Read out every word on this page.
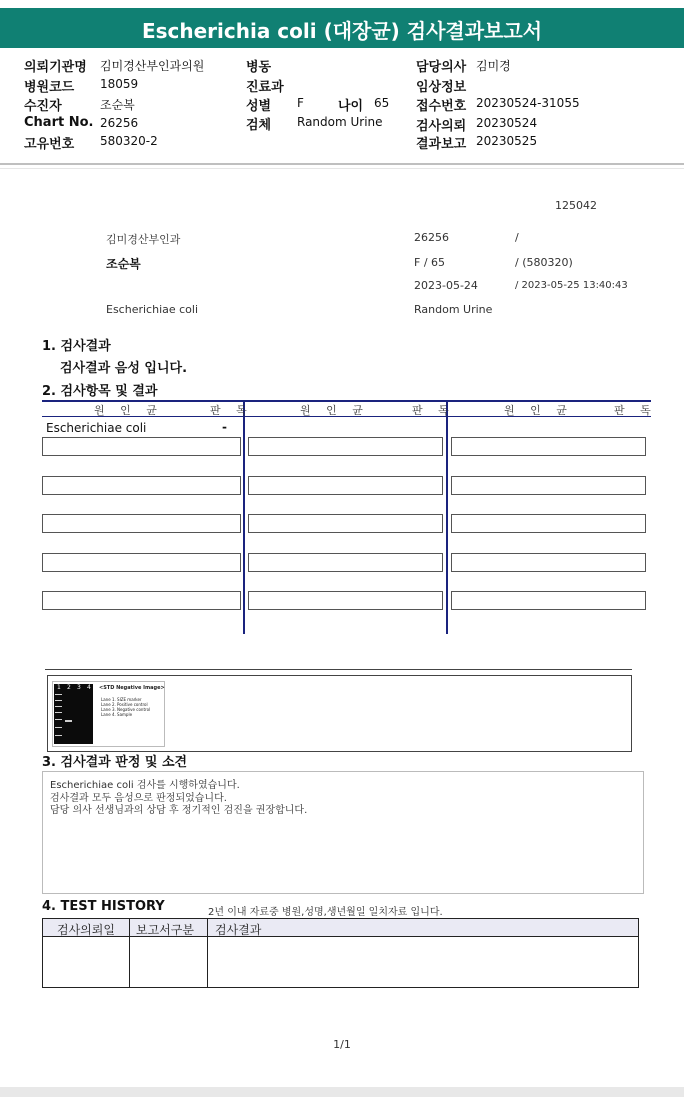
Escherichia coli (대장균) 검사결과보고서
의뢰기관명 김미경산부인과의원
병원코드 18059
수진자	조순복
Chart No. 26256
고유번호 580320-2
병동
진료과
성별 F	나이 65
검체 Random Urine
담당의사 김미경
임상정보
접수번호 20230524-31055
검사의뢰 20230524
결과보고 20230525
125042
김미경산부인과	26256	/
조순복	F / 65	/ (580320)
2023-05-24	/ 2023-05-25 13:40:43
Escherichiae coli	Random Urine
1. 검사결과
검사결과 음성 입니다.
2. 검사항목 및 결과
원 인 균	판 독	원 인 균	판 독	원 인 균	판 독
Escherichiae coli	-
1 2 3 4 <STD Negative Image>
Lane 1. SIZE marker
Lane 2. Positive control
Lane 3. Negative control
Lane 4. Sample
3. 검사결과 판정 및 소견
Escherichiae coli 검사를 시행하였습니다.
검사결과 모두 음성으로 판정되었습니다.
담당 의사 선생님과의 상담 후 정기적인 검진을 권장합니다.
4. TEST HISTORY	2년 이내 자료중 병원,성명,생년월일 일치자료 입니다.
검사의뢰일 보고서구분 검사결과
1/1
